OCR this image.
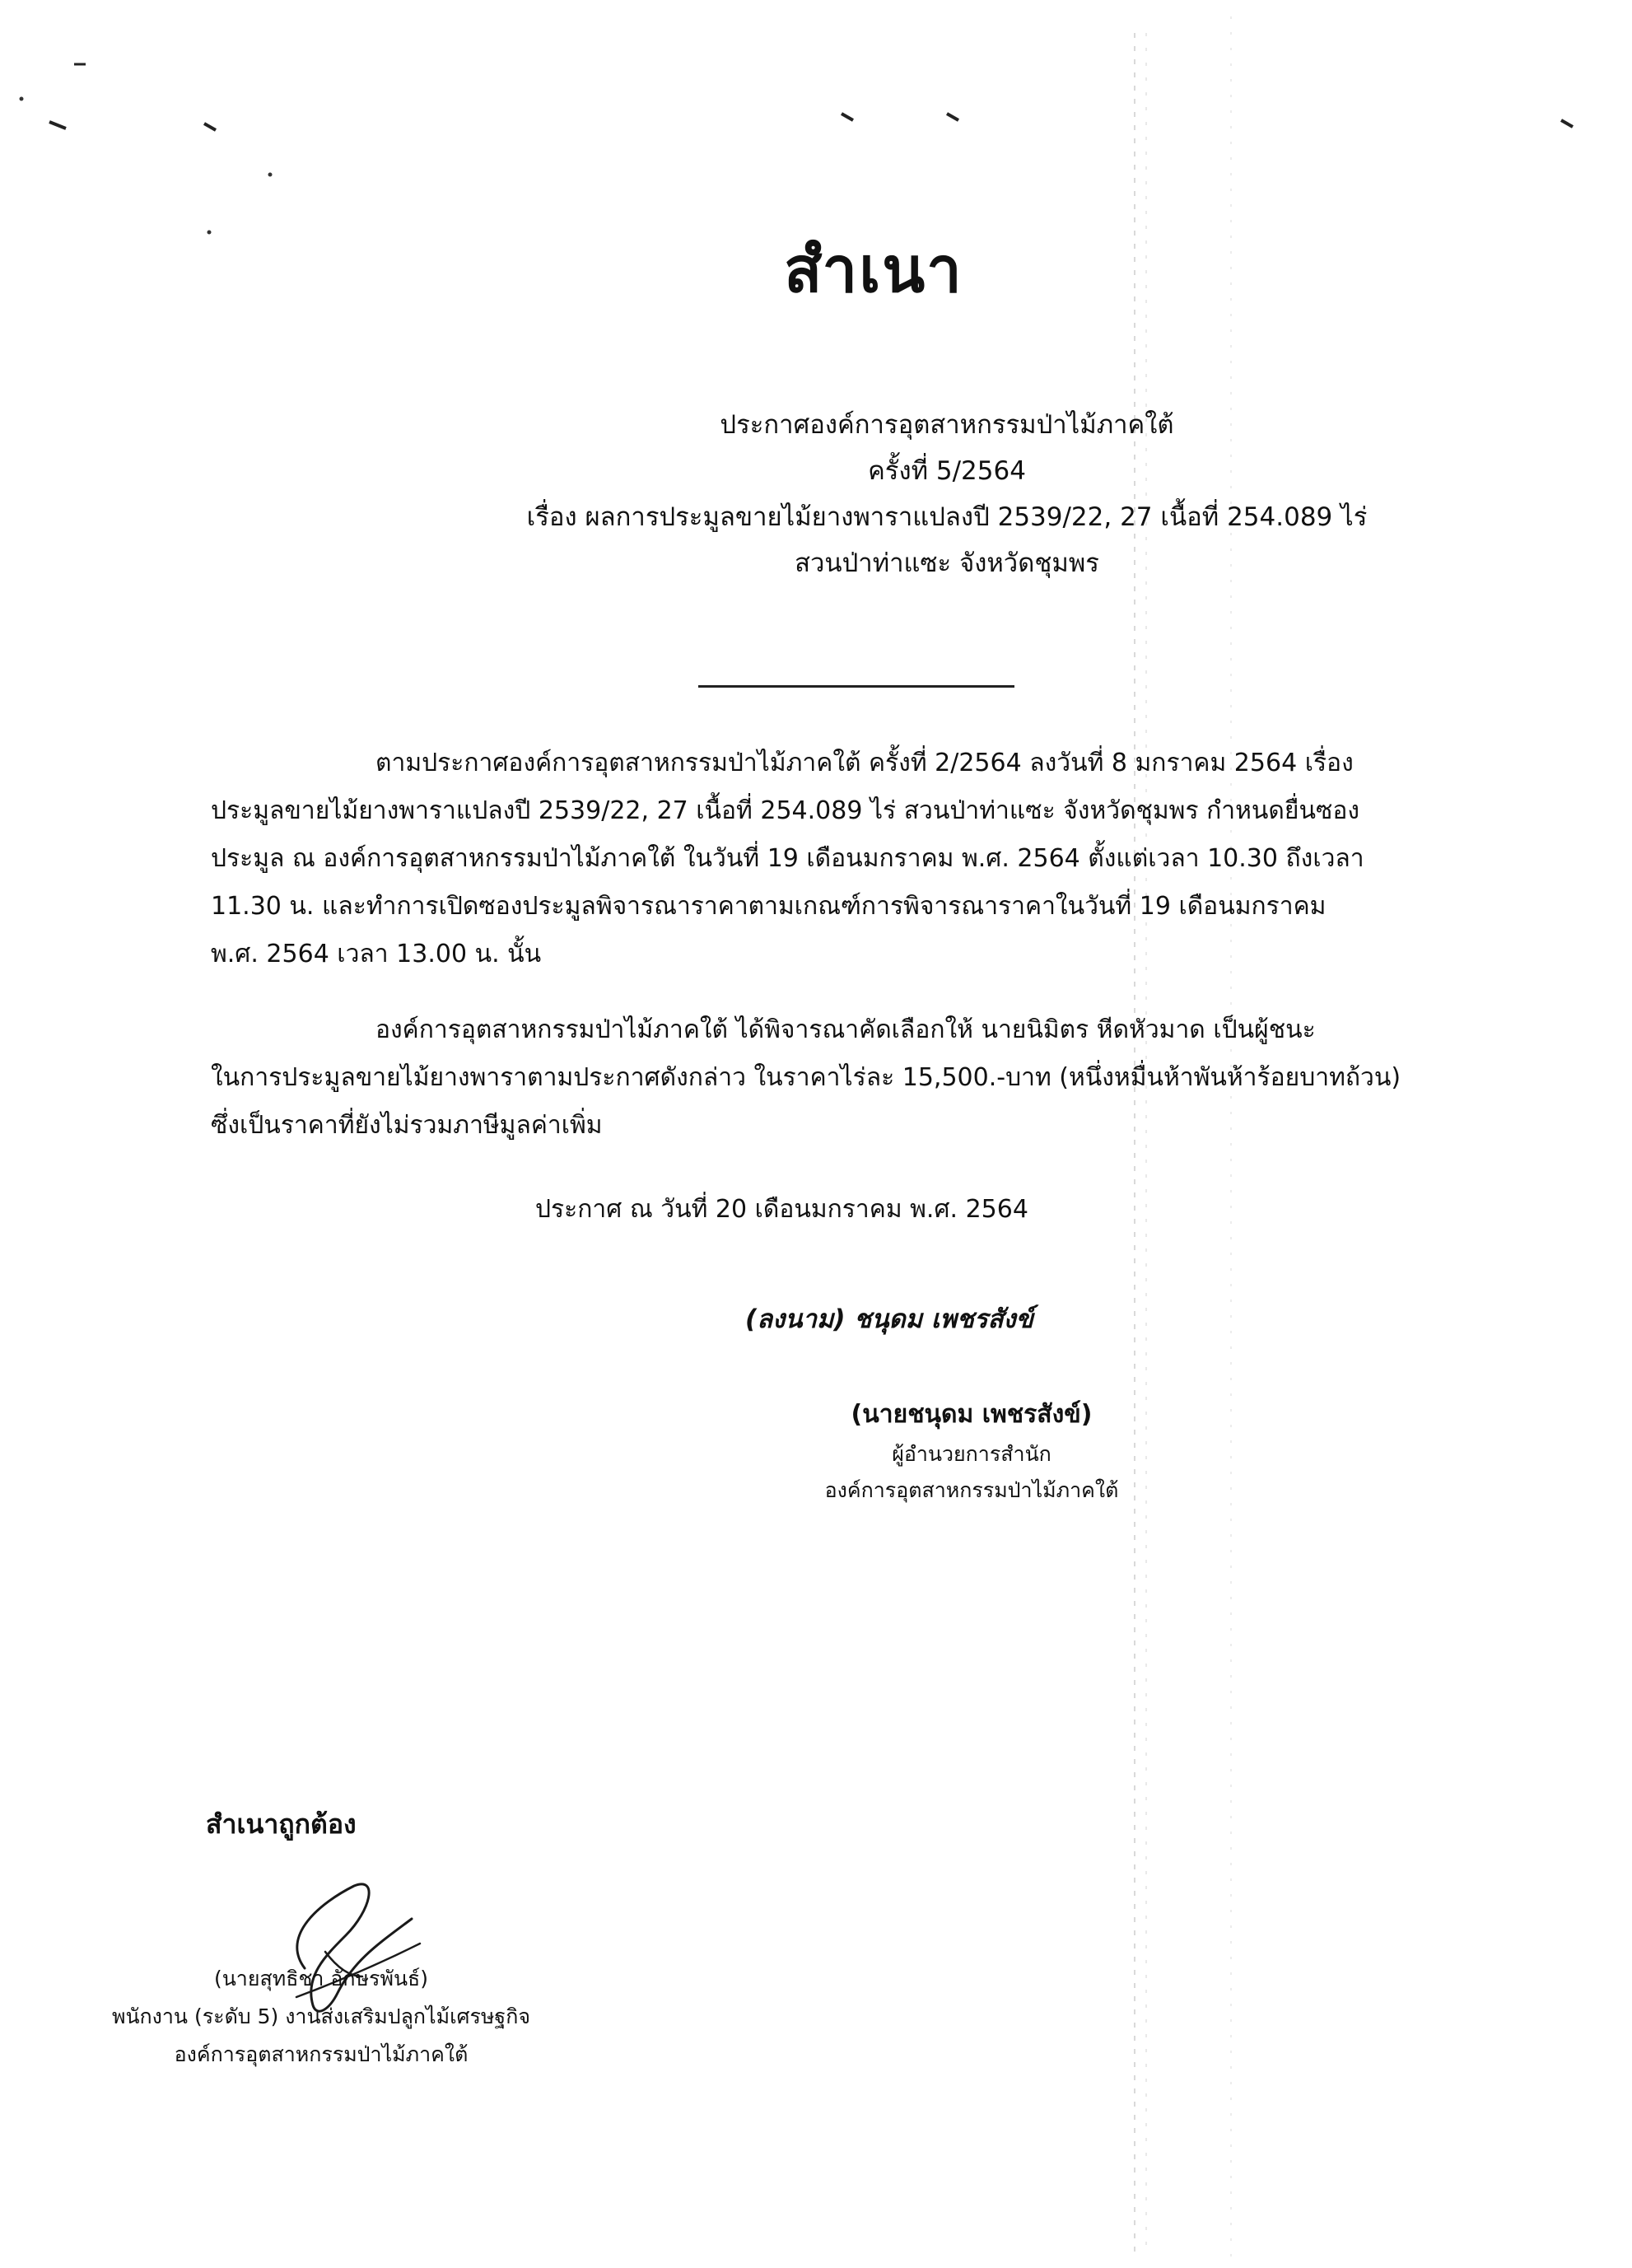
สำเนา
ประกาศองค์การอุตสาหกรรมป่าไม้ภาคใต้
ครั้งที่ 5/2564
เรื่อง ผลการประมูลขายไม้ยางพาราแปลงปี 2539/22, 27 เนื้อที่ 254.089 ไร่
สวนป่าท่าแซะ จังหวัดชุมพร
ตามประกาศองค์การอุตสาหกรรมป่าไม้ภาคใต้ ครั้งที่ 2/2564 ลงวันที่ 8 มกราคม 2564 เรื่อง
ประมูลขายไม้ยางพาราแปลงปี 2539/22, 27 เนื้อที่ 254.089 ไร่ สวนป่าท่าแซะ จังหวัดชุมพร กำหนดยื่นซอง
ประมูล ณ องค์การอุตสาหกรรมป่าไม้ภาคใต้ ในวันที่ 19 เดือนมกราคม พ.ศ. 2564 ตั้งแต่เวลา 10.30 ถึงเวลา
11.30 น. และทำการเปิดซองประมูลพิจารณาราคาตามเกณฑ์การพิจารณาราคาในวันที่ 19 เดือนมกราคม
พ.ศ. 2564 เวลา 13.00 น. นั้น
องค์การอุตสาหกรรมป่าไม้ภาคใต้ ได้พิจารณาคัดเลือกให้ นายนิมิตร หีดหัวมาด เป็นผู้ชนะ
ในการประมูลขายไม้ยางพาราตามประกาศดังกล่าว ในราคาไร่ละ 15,500.-บาท (หนึ่งหมื่นห้าพันห้าร้อยบาทถ้วน)
ซึ่งเป็นราคาที่ยังไม่รวมภาษีมูลค่าเพิ่ม
ประกาศ ณ วันที่ 20 เดือนมกราคม พ.ศ. 2564
(ลงนาม) ชนุดม เพชรสังข์
(นายชนุดม เพชรสังข์)
ผู้อำนวยการสำนัก
องค์การอุตสาหกรรมป่าไม้ภาคใต้
สำเนาถูกต้อง
(นายสุทธิชา อักษรพันธ์)
พนักงาน (ระดับ 5) งานส่งเสริมปลูกไม้เศรษฐกิจ
องค์การอุตสาหกรรมป่าไม้ภาคใต้
